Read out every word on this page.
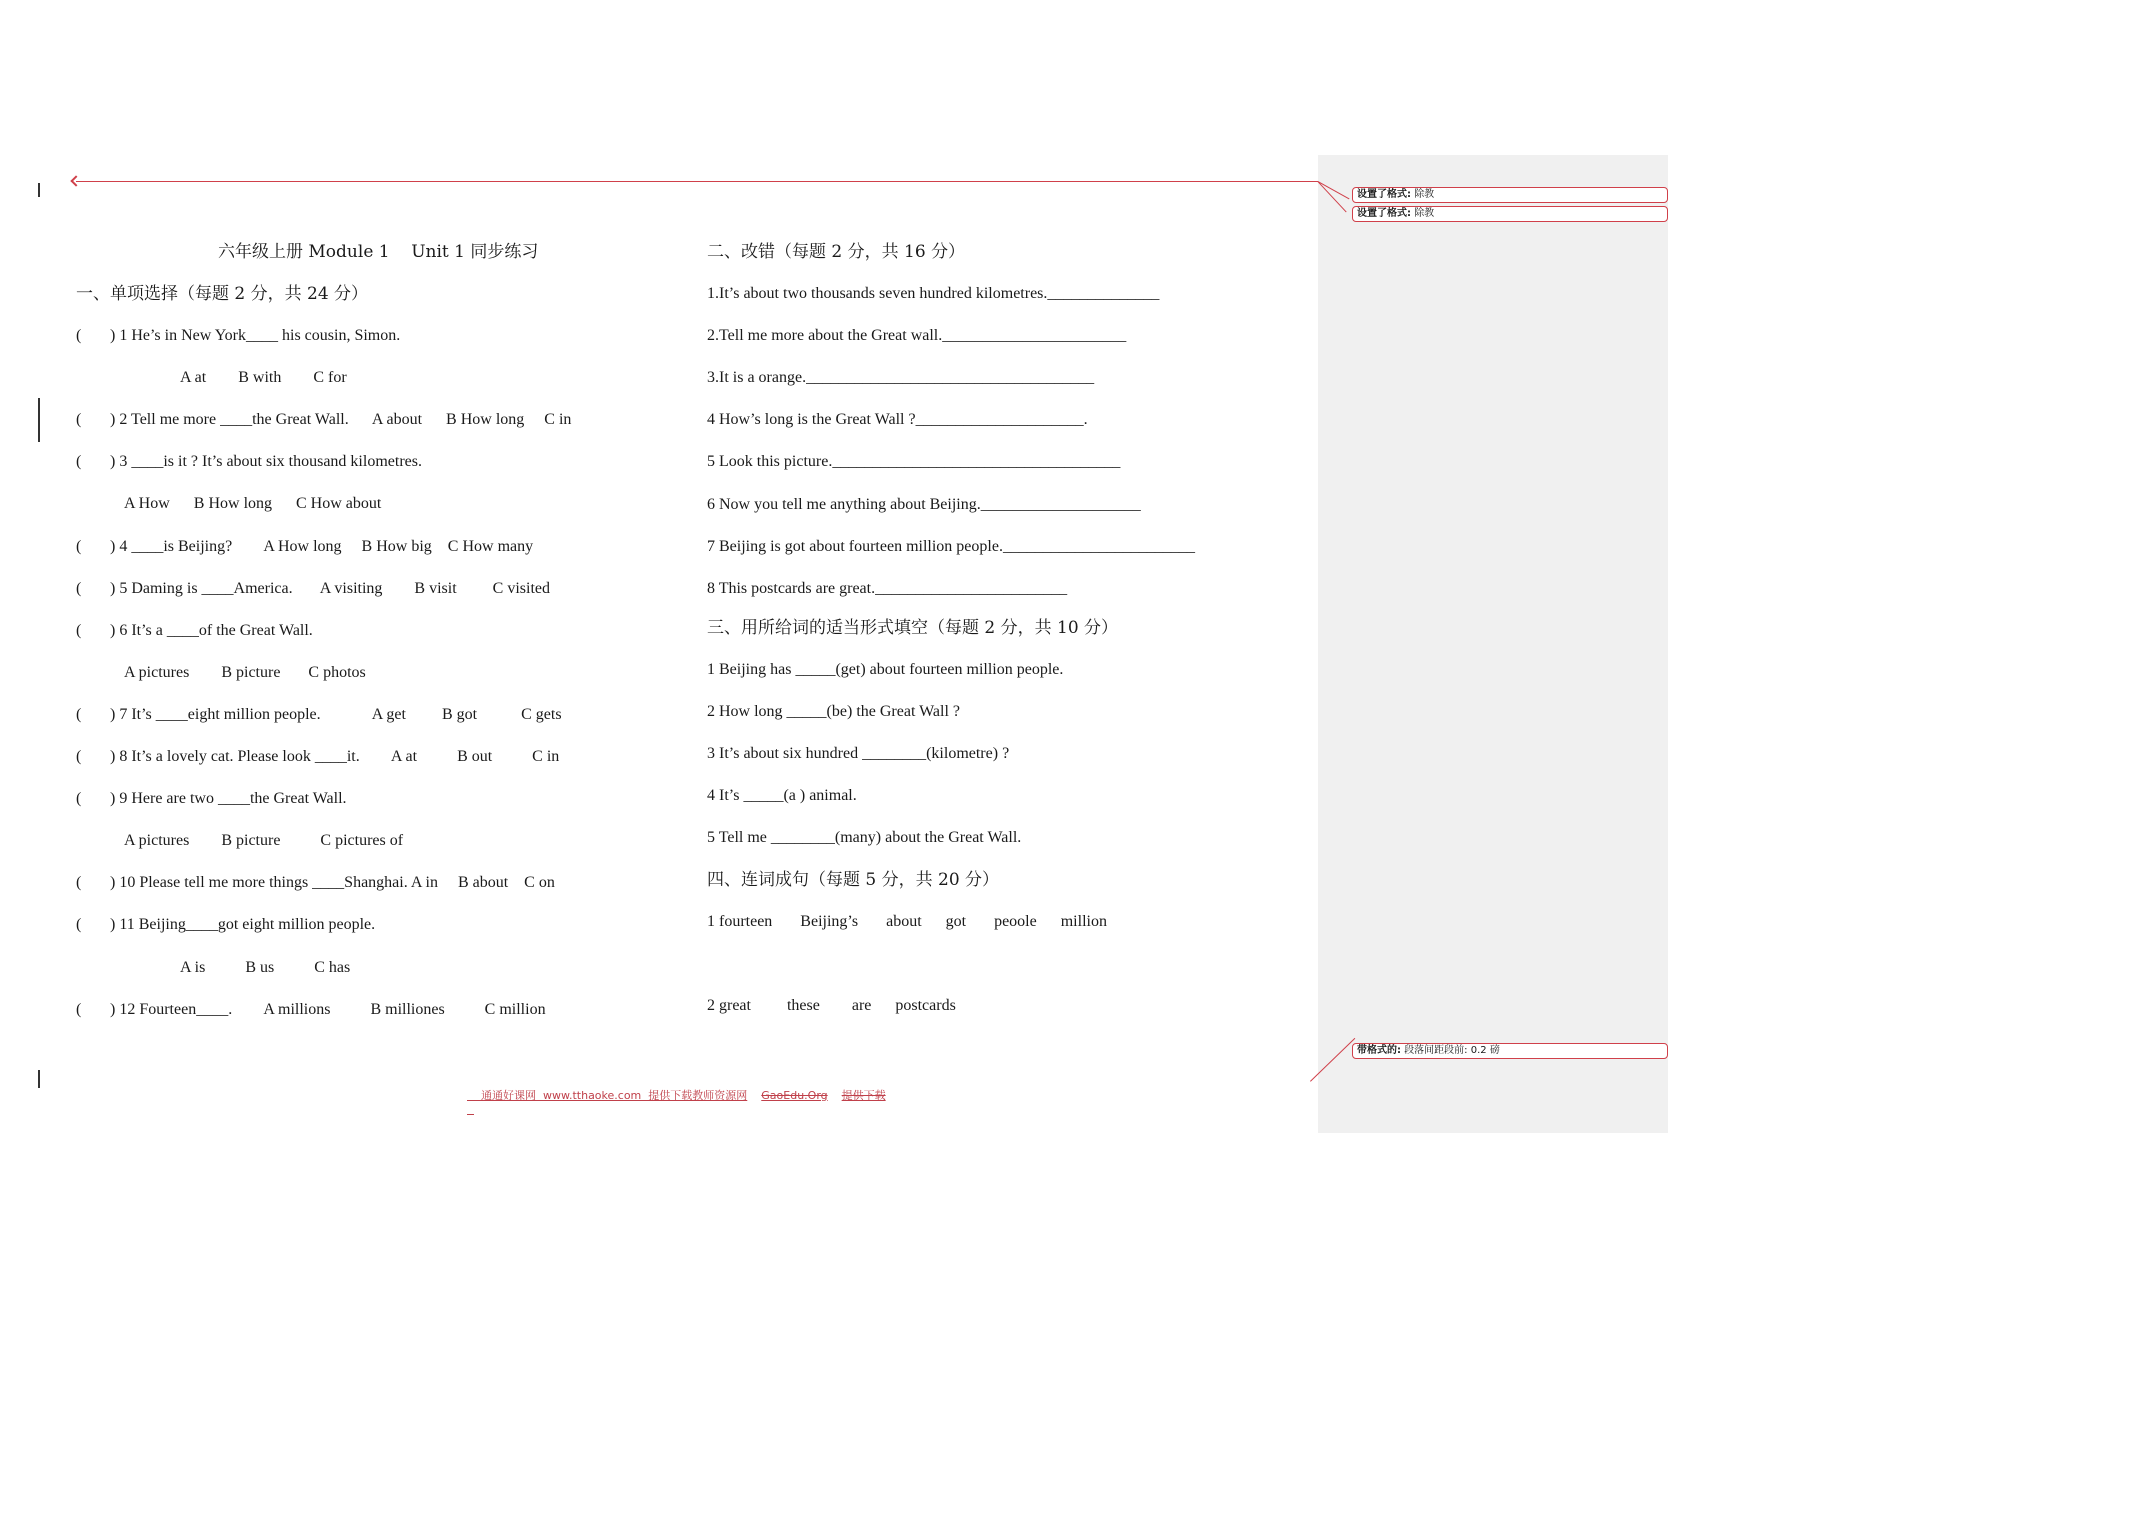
设置了格式: 除教
设置了格式: 除教
带格式的: 段落间距段前: 0.2 磅
六年级上册 Module 1    Unit 1 同步练习
一、单项选择（每题 2 分，共 24 分）
( ) 1 He’s in New York____ his cousin, Simon.
A at        B with        C for
( ) 2 Tell me more ____the Great Wall.      A about      B How long     C in
( ) 3 ____is it ? It’s about six thousand kilometres.
A How      B How long      C How about
( ) 4 ____is Beijing?        A How long     B How big    C How many
( ) 5 Daming is ____America.       A visiting        B visit         C visited
( ) 6 It’s a ____of the Great Wall.
A pictures        B picture       C photos
( ) 7 It’s ____eight million people.             A get         B got           C gets
( ) 8 It’s a lovely cat. Please look ____it.        A at          B out          C in
( ) 9 Here are two ____the Great Wall.
A pictures        B picture          C pictures of
( ) 10 Please tell me more things ____Shanghai. A in     B about    C on
( ) 11 Beijing____got eight million people.
A is          B us          C has
( ) 12 Fourteen____.        A millions          B milliones          C million
二、改错（每题 2 分，共 16 分）
1.It’s about two thousands seven hundred kilometres.______________
2.Tell me more about the Great wall._______________________
3.It is a orange.____________________________________
4 How’s long is the Great Wall ?_____________________.
5 Look this picture.____________________________________
6 Now you tell me anything about Beijing.____________________
7 Beijing is got about fourteen million people.________________________
8 This postcards are great.________________________
三、用所给词的适当形式填空（每题 2 分，共 10 分）
1 Beijing has _____(get) about fourteen million people.
2 How long _____(be) the Great Wall ?
3 It’s about six hundred ________(kilometre) ?
4 It’s _____(a ) animal.
5 Tell me ________(many) about the Great Wall.
四、连词成句（每题 5 分，共 20 分）
1 fourteen       Beijing’s       about      got       peoole      million
2 great         these        are      postcards

通通好课网  www.tthaoke.com  提供下载教师资源网 GaoEdu.Org 提供下载
